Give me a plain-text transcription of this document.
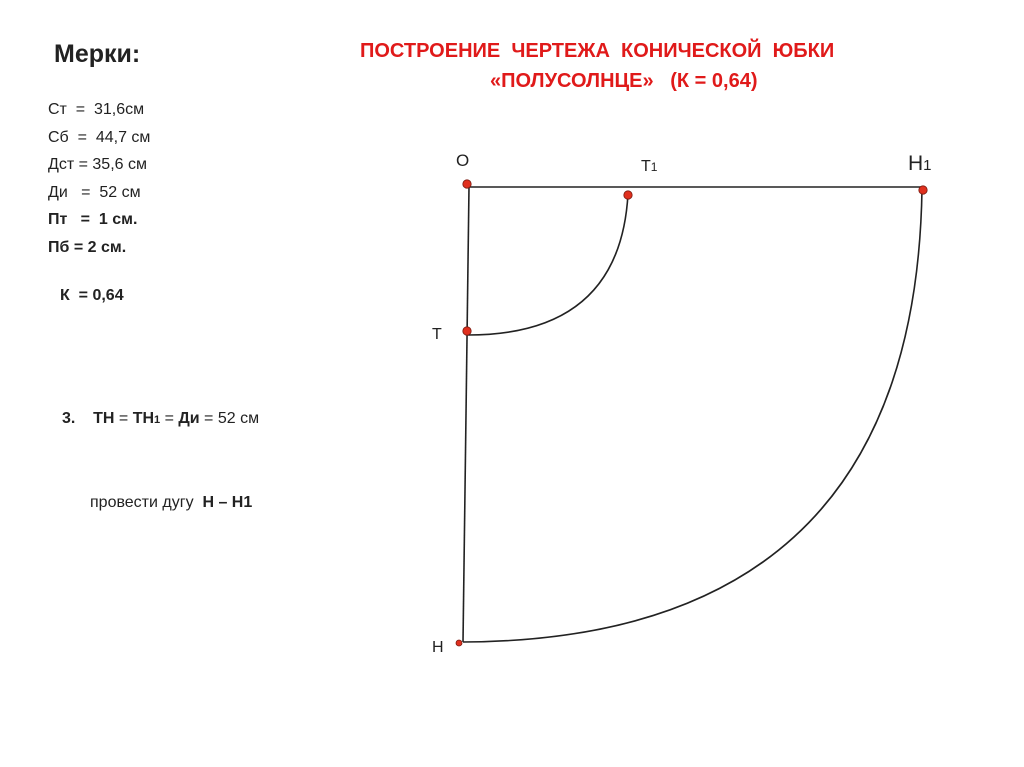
Мерки:	ПОСТРОЕНИЕ  ЧЕРТЕЖА  КОНИЧЕСКОЙ  ЮБКИ
«ПОЛУСОЛНЦЕ»   (К = 0,64)
Ст  =  31,6см
Сб  =  44,7 см
Дст = 35,6 см
Ди   =  52 см
Пт   =  1 см.
Пб = 2 см.
К  = 0,64
3. ТН = ТН1 = Ди = 52 см
провести дугу  Н – Н1
О	Т1	Н1
Т
Н
